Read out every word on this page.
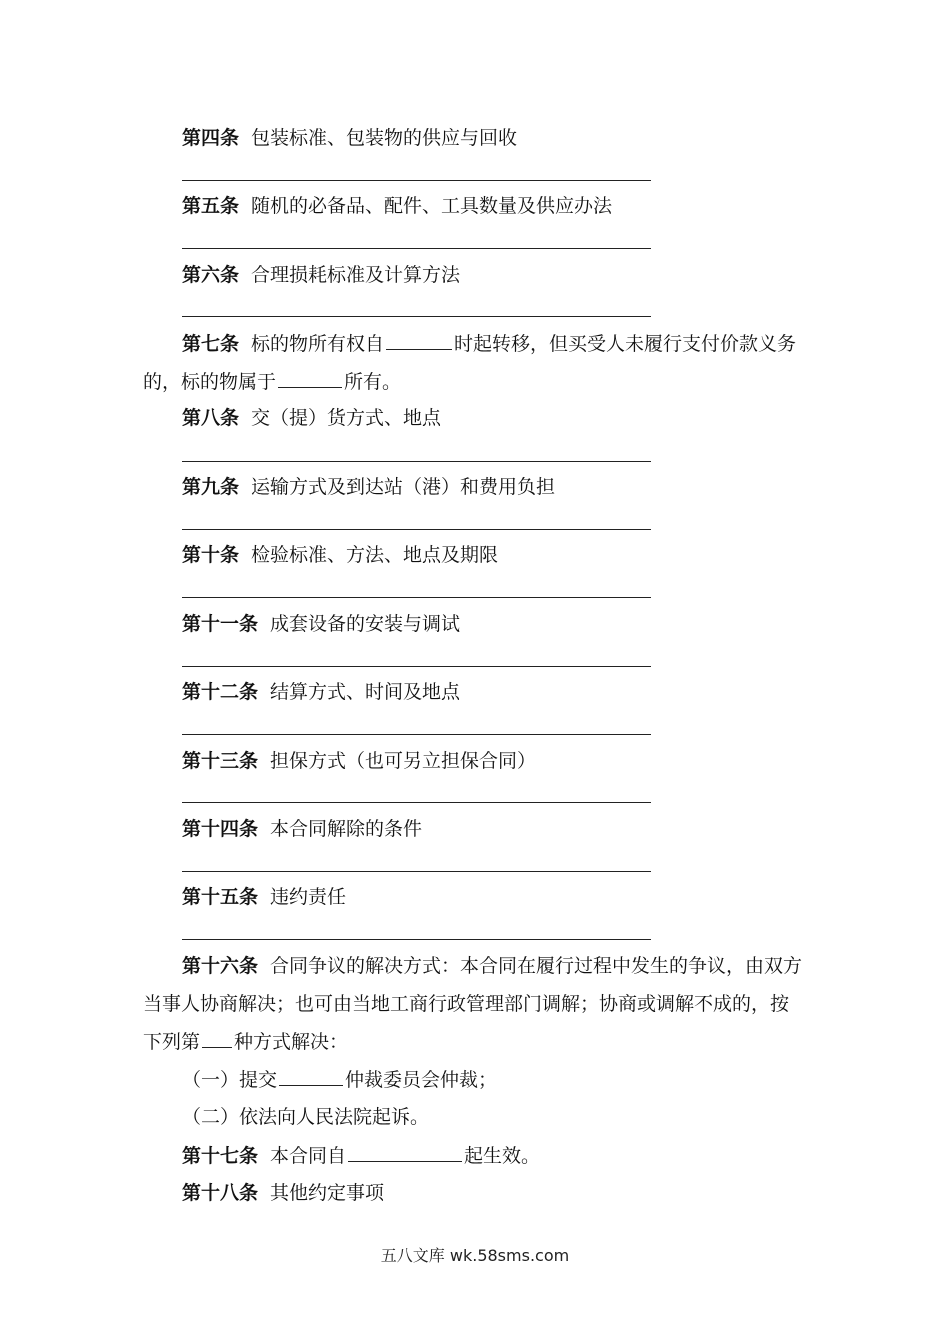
第四条 包装标准、包装物的供应与回收
第五条 随机的必备品、配件、工具数量及供应办法
第六条 合理损耗标准及计算方法
第七条 标的物所有权自	时起转移，但买受人未履行支付价款义务
的，标的物属于	所有。
第八条 交（提）货方式、地点
第九条 运输方式及到达站（港）和费用负担
第十条 检验标准、方法、地点及期限
第十一条 成套设备的安装与调试
第十二条 结算方式、时间及地点
第十三条 担保方式（也可另立担保合同）
第十四条 本合同解除的条件
第十五条 违约责任
第十六条 合同争议的解决方式：本合同在履行过程中发生的争议，由双方
当事人协商解决；也可由当地工商行政管理部门调解；协商或调解不成的，按
下列第 种方式解决：
（一）提交	仲裁委员会仲裁；
（二）依法向人民法院起诉。
第十七条 本合同自	起生效。
第十八条 其他约定事项
五八文库 wk.58sms.com
